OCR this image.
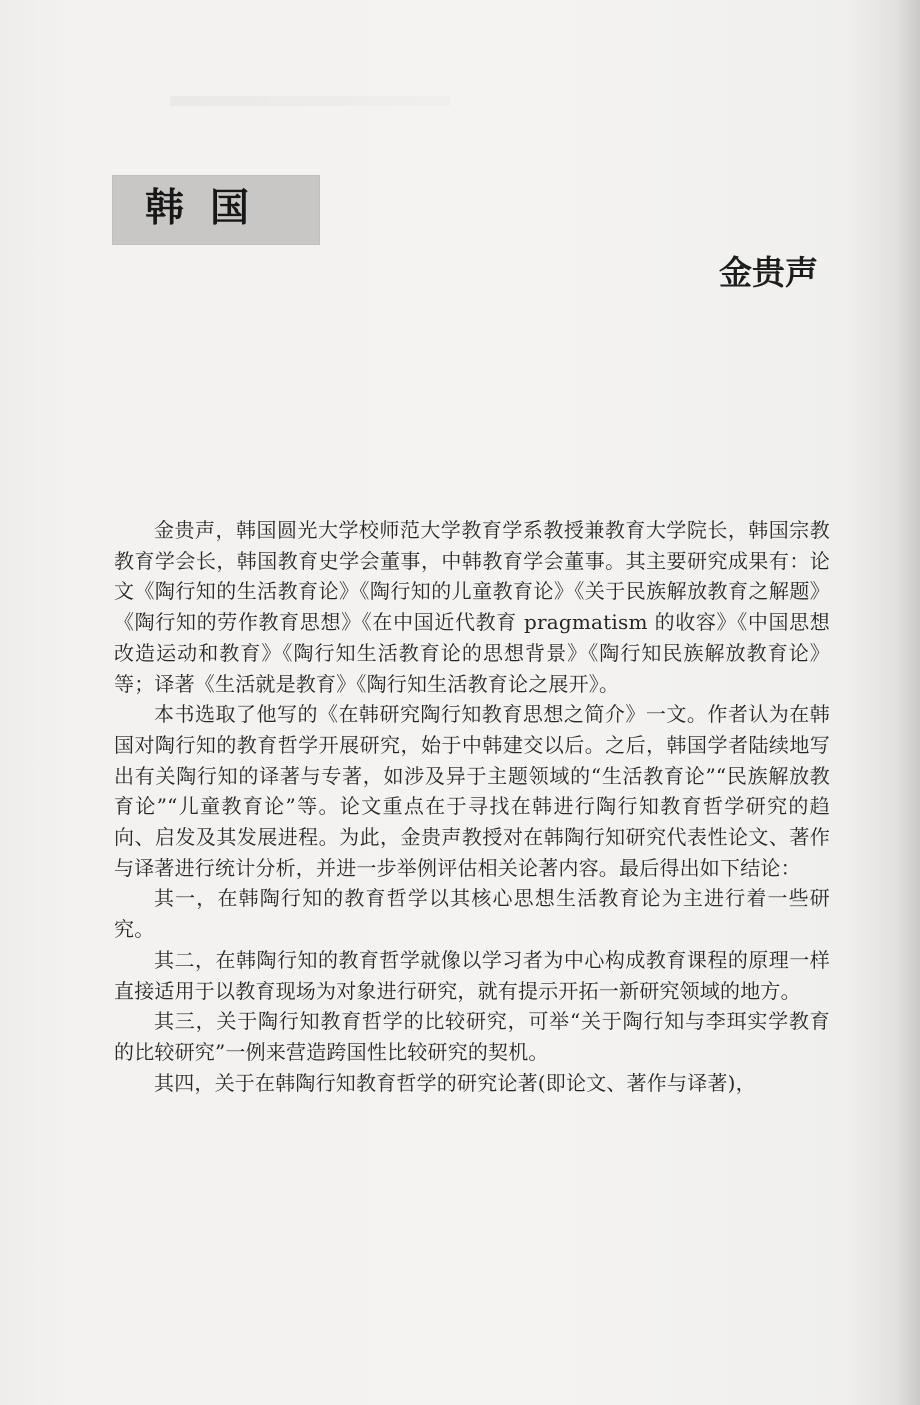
韩国
金贵声

金贵声，韩国圆光大学校师范大学教育学系教授兼教育大学院长，韩国宗教教育学会长，韩国教育史学会董事，中韩教育学会董事。其主要研究成果有：论文《陶行知的生活教育论》《陶行知的儿童教育论》《关于民族解放教育之解题》《陶行知的劳作教育思想》《在中国近代教育 pragmatism 的收容》《中国思想改造运动和教育》《陶行知生活教育论的思想背景》《陶行知民族解放教育论》等；译著《生活就是教育》《陶行知生活教育论之展开》。

本书选取了他写的《在韩研究陶行知教育思想之简介》一文。作者认为在韩国对陶行知的教育哲学开展研究，始于中韩建交以后。之后，韩国学者陆续地写出有关陶行知的译著与专著，如涉及异于主题领域的“生活教育论”“民族解放教育论”“儿童教育论”等。论文重点在于寻找在韩进行陶行知教育哲学研究的趋向、启发及其发展进程。为此，金贵声教授对在韩陶行知研究代表性论文、著作与译著进行统计分析，并进一步举例评估相关论著内容。最后得出如下结论：

其一，在韩陶行知的教育哲学以其核心思想生活教育论为主进行着一些研究。

其二，在韩陶行知的教育哲学就像以学习者为中心构成教育课程的原理一样直接适用于以教育现场为对象进行研究，就有提示开拓一新研究领域的地方。

其三，关于陶行知教育哲学的比较研究，可举“关于陶行知与李珥实学教育的比较研究”一例来营造跨国性比较研究的契机。

其四，关于在韩陶行知教育哲学的研究论著(即论文、著作与译著)，
